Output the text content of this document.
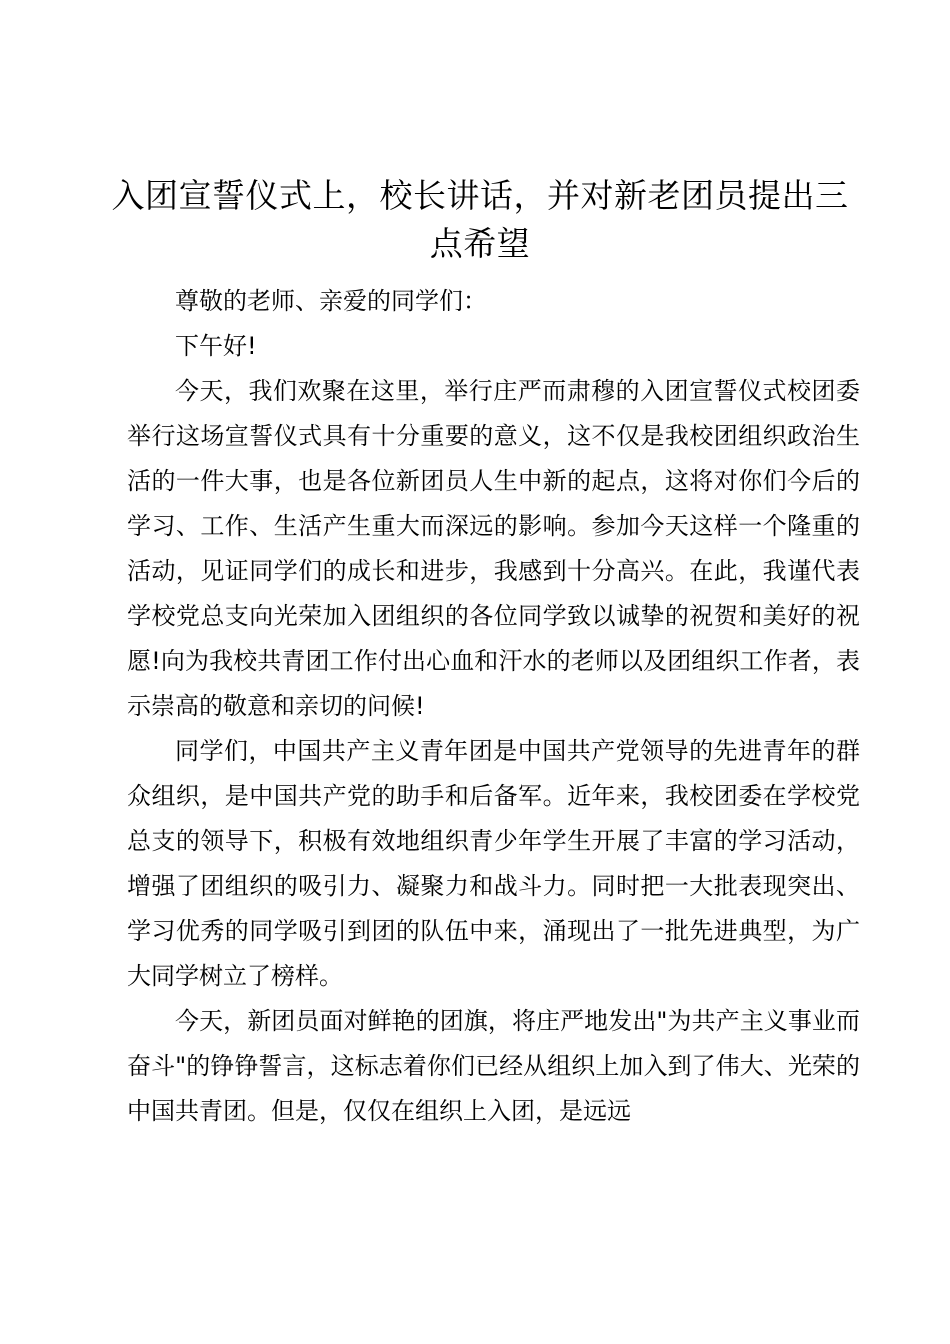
入团宣誓仪式上，校长讲话，并对新老团员提出三点希望

尊敬的老师、亲爱的同学们：

下午好!

今天，我们欢聚在这里，举行庄严而肃穆的入团宣誓仪式校团委举行这场宣誓仪式具有十分重要的意义，这不仅是我校团组织政治生活的一件大事，也是各位新团员人生中新的起点，这将对你们今后的学习、工作、生活产生重大而深远的影响。参加今天这样一个隆重的活动，见证同学们的成长和进步，我感到十分高兴。在此，我谨代表学校党总支向光荣加入团组织的各位同学致以诚挚的祝贺和美好的祝愿!向为我校共青团工作付出心血和汗水的老师以及团组织工作者，表示崇高的敬意和亲切的问候!

同学们，中国共产主义青年团是中国共产党领导的先进青年的群众组织，是中国共产党的助手和后备军。近年来，我校团委在学校党总支的领导下，积极有效地组织青少年学生开展了丰富的学习活动，增强了团组织的吸引力、凝聚力和战斗力。同时把一大批表现突出、学习优秀的同学吸引到团的队伍中来，涌现出了一批先进典型，为广大同学树立了榜样。

今天，新团员面对鲜艳的团旗，将庄严地发出"为共产主义事业而奋斗"的铮铮誓言，这标志着你们已经从组织上加入到了伟大、光荣的中国共青团。但是，仅仅在组织上入团，是远远
